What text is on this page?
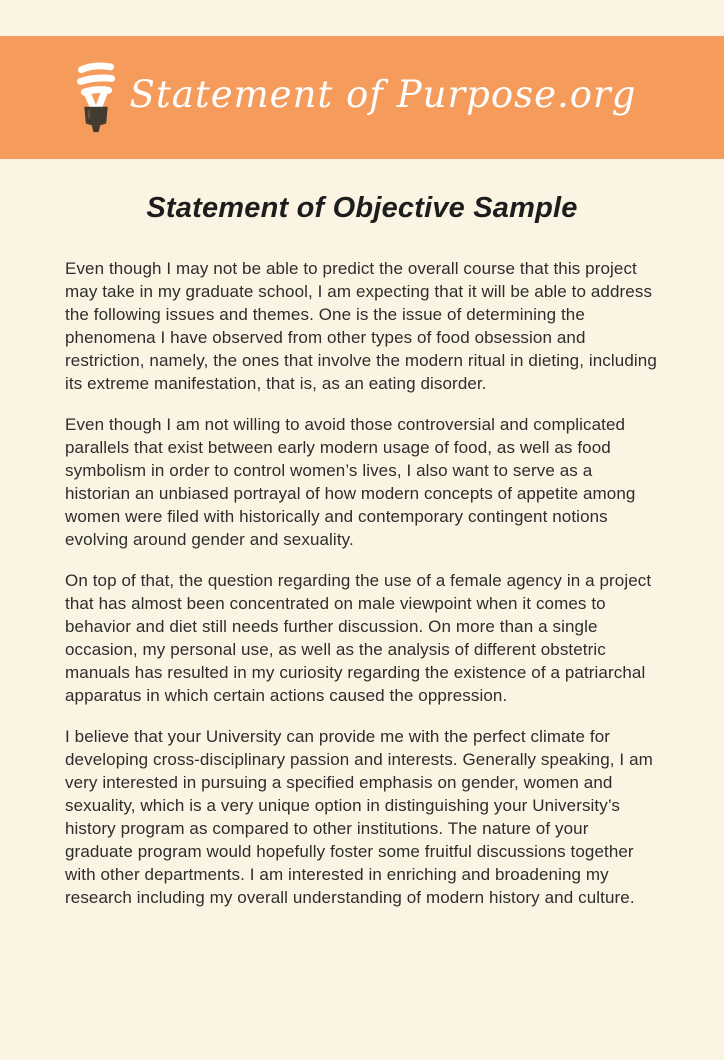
Statement of Purpose.org
Statement of Objective Sample

Even though I may not be able to predict the overall course that this project may take in my graduate school, I am expecting that it will be able to address the following issues and themes. One is the issue of determining the phenomena I have observed from other types of food obsession and restriction, namely, the ones that involve the modern ritual in dieting, including its extreme manifestation, that is, as an eating disorder.

Even though I am not willing to avoid those controversial and complicated parallels that exist between early modern usage of food, as well as food symbolism in order to control women’s lives, I also want to serve as a historian an unbiased portrayal of how modern concepts of appetite among women were filed with historically and contemporary contingent notions evolving around gender and sexuality.

On top of that, the question regarding the use of a female agency in a project that has almost been concentrated on male viewpoint when it comes to behavior and diet still needs further discussion. On more than a single occasion, my personal use, as well as the analysis of different obstetric manuals has resulted in my curiosity regarding the existence of a patriarchal apparatus in which certain actions caused the oppression.

I believe that your University can provide me with the perfect climate for developing cross-disciplinary passion and interests. Generally speaking, I am very interested in pursuing a specified emphasis on gender, women and sexuality, which is a very unique option in distinguishing your University’s history program as compared to other institutions. The nature of your graduate program would hopefully foster some fruitful discussions together with other departments. I am interested in enriching and broadening my research including my overall understanding of modern history and culture.
